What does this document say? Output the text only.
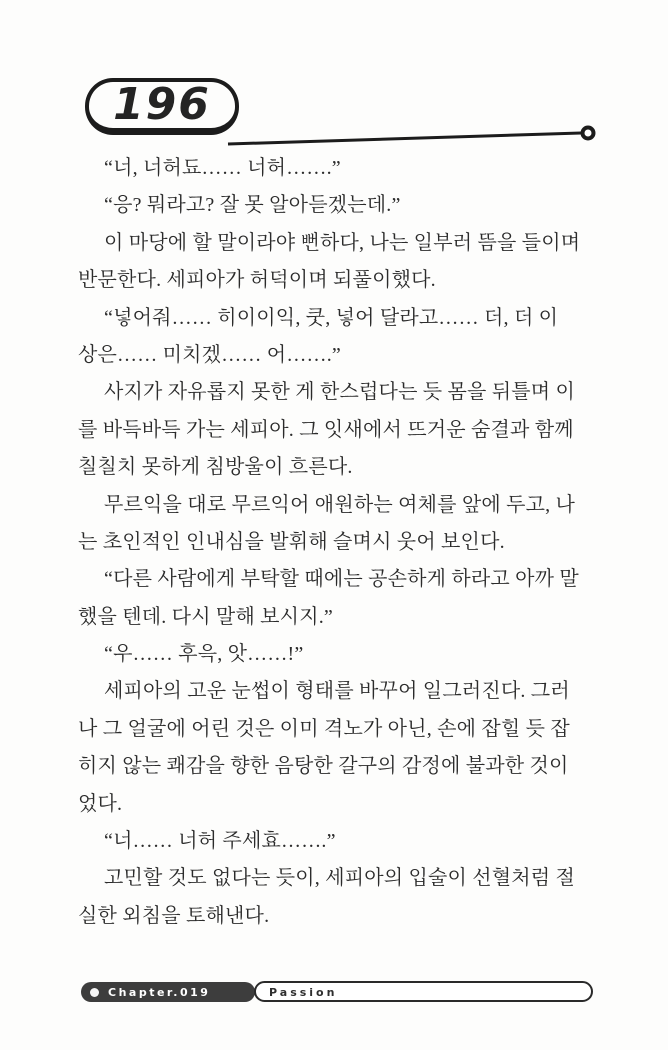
196
“너, 너허됴…… 너허…….”
“응? 뭐라고? 잘 못 알아듣겠는데.”
이 마당에 할 말이라야 뻔하다, 나는 일부러 뜸을 들이며
반문한다. 세피아가 허덕이며 되풀이했다.
“넣어줘…… 히이이익, 쿳, 넣어 달라고…… 더, 더 이
상은…… 미치겠…… 어…….”
사지가 자유롭지 못한 게 한스럽다는 듯 몸을 뒤틀며 이
를 바득바득 가는 세피아. 그 잇새에서 뜨거운 숨결과 함께
칠칠치 못하게 침방울이 흐른다.
무르익을 대로 무르익어 애원하는 여체를 앞에 두고, 나
는 초인적인 인내심을 발휘해 슬며시 웃어 보인다.
“다른 사람에게 부탁할 때에는 공손하게 하라고 아까 말
했을 텐데. 다시 말해 보시지.”
“우…… 후윽, 앗……!”
세피아의 고운 눈썹이 형태를 바꾸어 일그러진다. 그러
나 그 얼굴에 어린 것은 이미 격노가 아닌, 손에 잡힐 듯 잡
히지 않는 쾌감을 향한 음탕한 갈구의 감정에 불과한 것이
었다.
“너…… 너허 주세효…….”
고민할 것도 없다는 듯이, 세피아의 입술이 선혈처럼 절
실한 외침을 토해낸다.
Chapter.019	Passion
